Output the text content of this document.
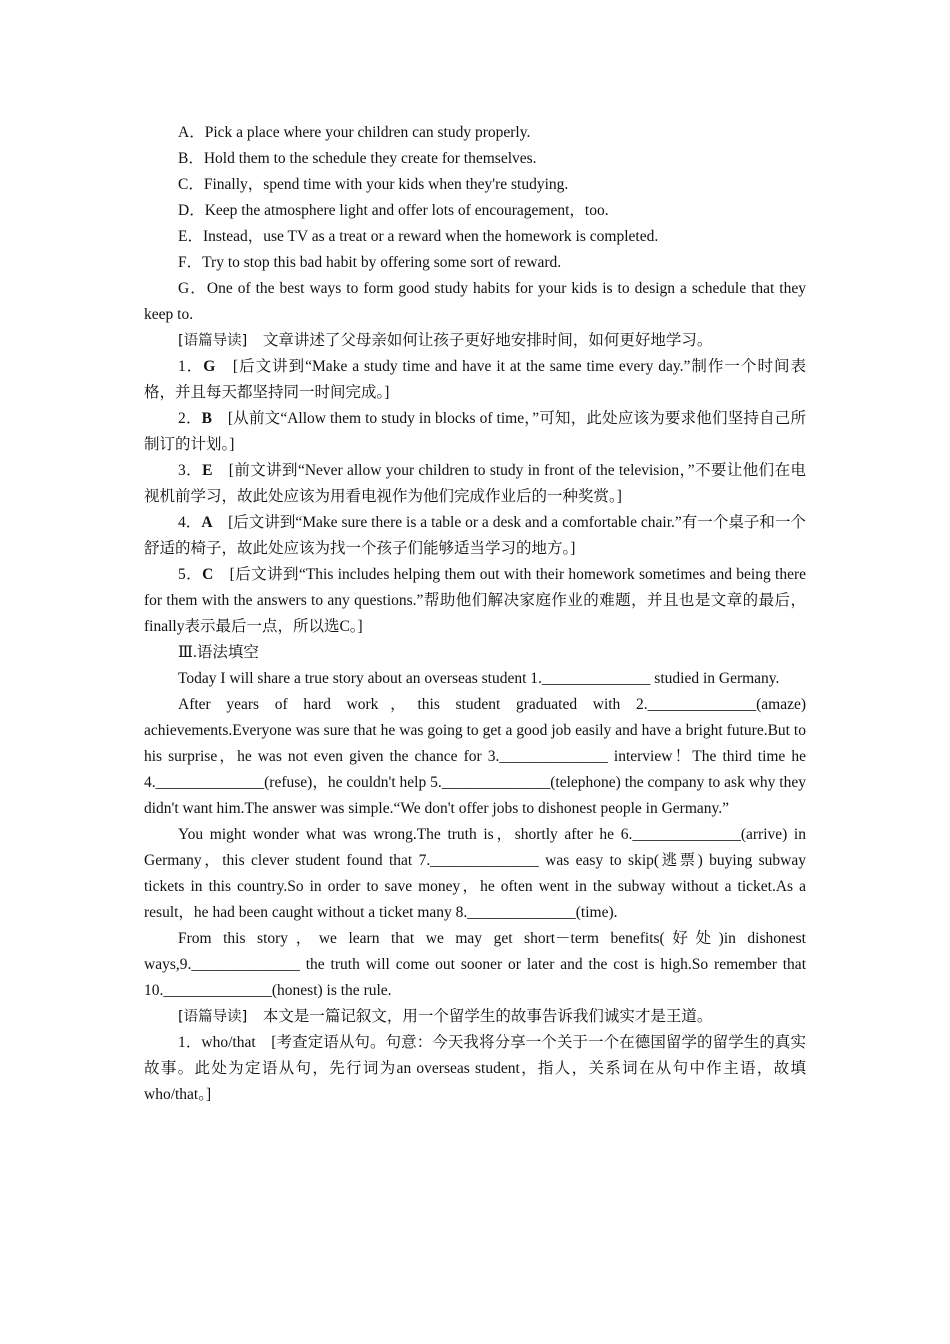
A．Pick a place where your children can study properly.

B．Hold them to the schedule they create for themselves.

C．Finally，spend time with your kids when they're studying.

D．Keep the atmosphere light and offer lots of encouragement，too.

E．Instead，use TV as a treat or a reward when the homework is completed.

F．Try to stop this bad habit by offering some sort of reward.

G．One of the best ways to form good study habits for your kids is to design a schedule that they keep to.

[语篇导读]　文章讲述了父母亲如何让孩子更好地安排时间，如何更好地学习。

1．G　[后文讲到“Make a study time and have it at the same time every day.”制作一个时间表格，并且每天都坚持同一时间完成。]

2．B　[从前文“Allow them to study in blocks of time，”可知，此处应该为要求他们坚持自己所制订的计划。]

3．E　[前文讲到“Never allow your children to study in front of the television，”不要让他们在电视机前学习，故此处应该为用看电视作为他们完成作业后的一种奖赏。]

4．A　[后文讲到“Make sure there is a table or a desk and a comfortable chair.”有一个桌子和一个舒适的椅子，故此处应该为找一个孩子们能够适当学习的地方。]

5．C　[后文讲到“This includes helping them out with their homework sometimes and being there for them with the answers to any questions.”帮助他们解决家庭作业的难题，并且也是文章的最后，finally表示最后一点，所以选C。]

Ⅲ.语法填空

Today I will share a true story about an overseas student 1.______________ studied in Germany.

After years of hard work，this student graduated with 2.______________(amaze) achievements.Everyone was sure that he was going to get a good job easily and have a bright future.But to his surprise，he was not even given the chance for 3.______________ interview！The third time he 4.______________(refuse)，he couldn't help 5.______________(telephone) the company to ask why they didn't want him.The answer was simple.“We don't offer jobs to dishonest people in Germany.”

You might wonder what was wrong.The truth is，shortly after he 6.______________(arrive) in Germany，this clever student found that 7.______________ was easy to skip(逃票) buying subway tickets in this country.So in order to save money，he often went in the subway without a ticket.As a result，he had been caught without a ticket many 8.______________(time).

From this story，we learn that we may get short－term benefits(好处)in dishonest ways,9.______________ the truth will come out sooner or later and the cost is high.So remember that 10.______________(honest) is the rule.

[语篇导读]　本文是一篇记叙文，用一个留学生的故事告诉我们诚实才是王道。

1．who/that　[考查定语从句。句意：今天我将分享一个关于一个在德国留学的留学生的真实故事。此处为定语从句，先行词为an overseas student，指人，关系词在从句中作主语，故填who/that。]
